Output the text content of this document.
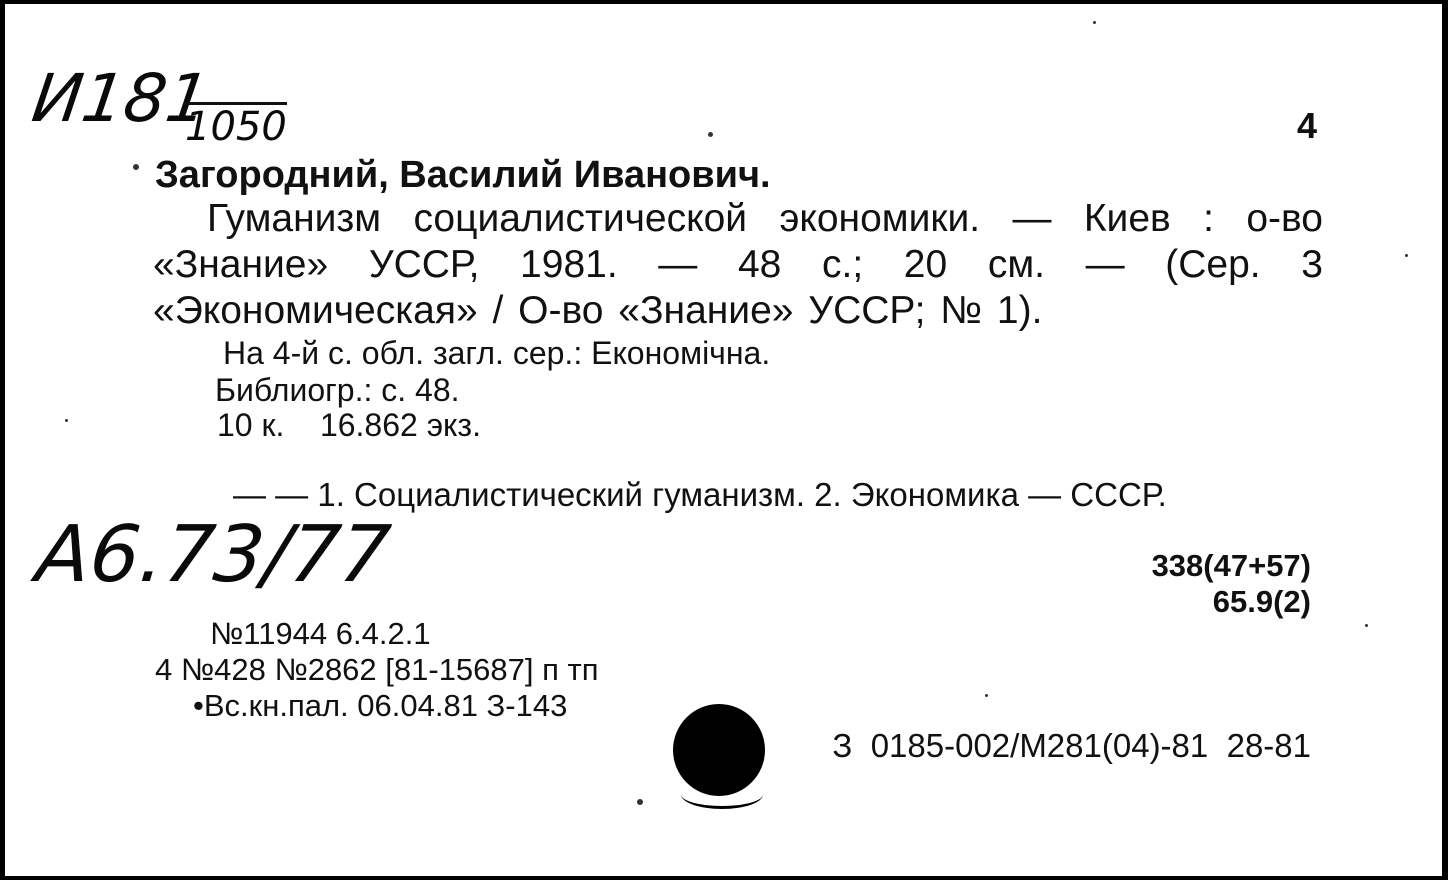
И181
1050	4
Загородний, Василий Иванович.
Гуманизм социалистической экономики. — Киев : о-во
«Знание» УССР, 1981. — 48 с.; 20 см. — (Сер. 3
«Экономическая» / О-во «Знание» УССР; № 1).
На 4-й с. обл. загл. сер.: Економічна.
Библиогр.: с. 48.
10 к.    16.862 экз.
— — 1. Социалистический гуманизм. 2. Экономика — СССР.
А6.73/77	338(47+57)
65.9(2)
№11944 6.4.2.1
4 №428 №2862 [81-15687] п тп
•Вс.кн.пал. 06.04.81 З-143
З  0185-002/М281(04)-81  28-81
